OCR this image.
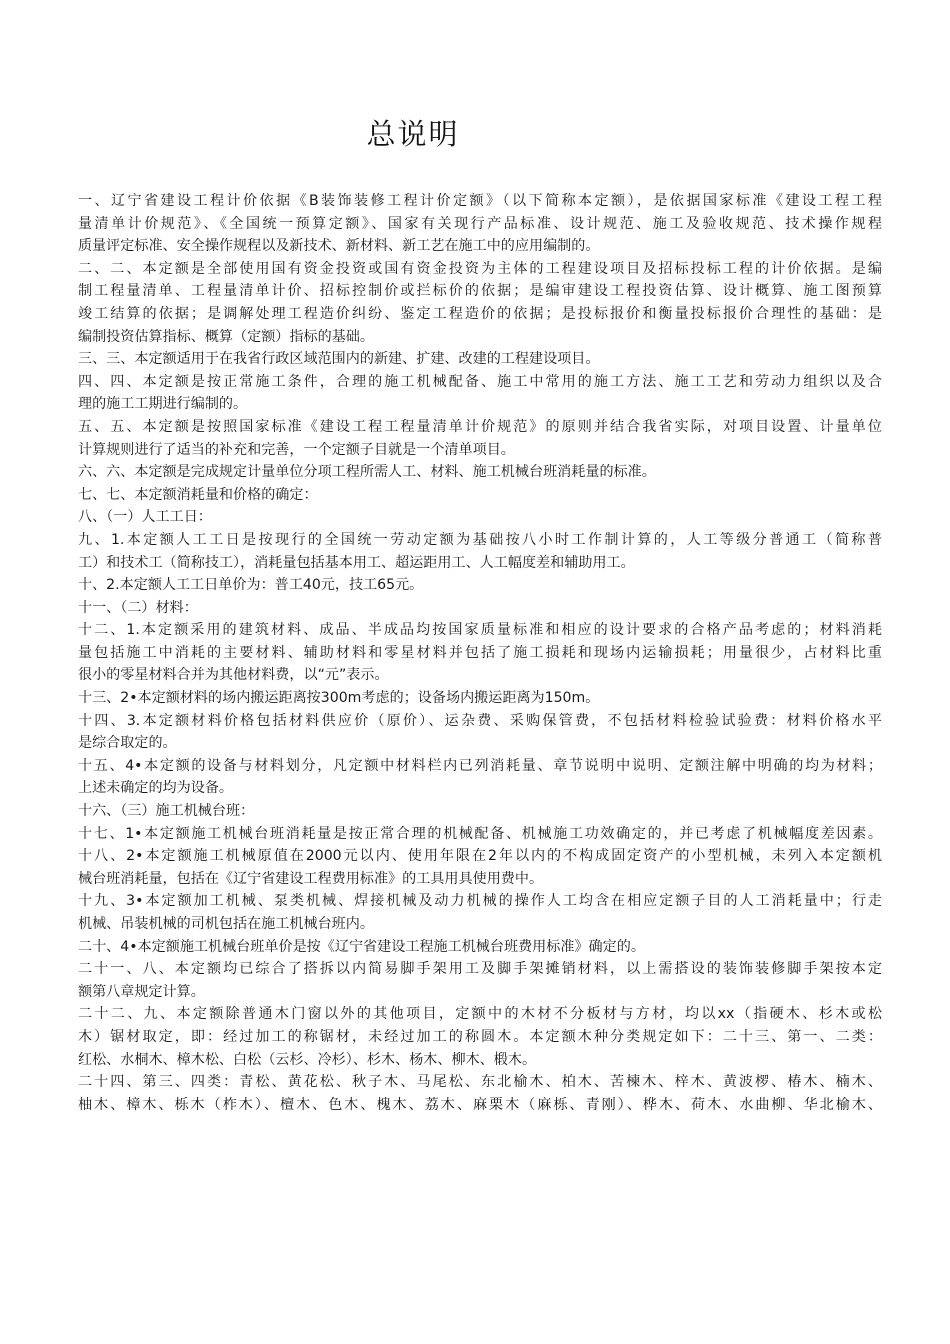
总说明
一、辽宁省建设工程计价依据《B装饰装修工程计价定额》（以下简称本定额），是依据国家标准《建设工程工程
量清单计价规范》、《全国统一预算定额》、国家有关现行产品标准、设计规范、施工及验收规范、技术操作规程
质量评定标准、安全操作规程以及新技术、新材料、新工艺在施工中的应用编制的。
二、二、本定额是全部使用国有资金投资或国有资金投资为主体的工程建设项目及招标投标工程的计价依据。是编
制工程量清单、工程量清单计价、招标控制价或拦标价的依据；是编审建设工程投资估算、设计概算、施工图预算
竣工结算的依据；是调解处理工程造价纠纷、鉴定工程造价的依据；是投标报价和衡量投标报价合理性的基础：是
编制投资估算指标、概算（定额）指标的基础。
三、三、本定额适用于在我省行政区域范围内的新建、扩建、改建的工程建设项目。
四、四、本定额是按正常施工条件，合理的施工机械配备、施工中常用的施工方法、施工工艺和劳动力组织以及合
理的施工工期进行编制的。
五、五、本定额是按照国家标准《建设工程工程量清单计价规范》的原则并结合我省实际，对项目设置、计量单位
计算规则进行了适当的补充和完善，一个定额子目就是一个清单项目。
六、六、本定额是完成规定计量单位分项工程所需人工、材料、施工机械台班消耗量的标准。
七、七、本定额消耗量和价格的确定：
八、（一）人工工日：
九、1.本定额人工工日是按现行的全国统一劳动定额为基础按八小时工作制计算的，人工等级分普通工（简称普
工）和技术工（简称技工），消耗量包括基本用工、超运距用工、人工幅度差和辅助用工。
十、2.本定额人工工日单价为：普工40元，技工65元。
十一、（二）材料：
十二、1.本定额采用的建筑材料、成品、半成品均按国家质量标准和相应的设计要求的合格产品考虑的；材料消耗
量包括施工中消耗的主要材料、辅助材料和零星材料并包括了施工损耗和现场内运输损耗；用量很少，占材料比重
很小的零星材料合并为其他材料费，以“元”表示。
十三、2•本定额材料的场内搬运距离按300m考虑的；设备场内搬运距离为150m。
十四、3.本定额材料价格包括材料供应价（原价）、运杂费、采购保管费，不包括材料检验试验费：材料价格水平
是综合取定的。
十五、4•本定额的设备与材料划分，凡定额中材料栏内已列消耗量、章节说明中说明、定额注解中明确的均为材料；
上述未确定的均为设备。
十六、（三）施工机械台班：
十七、1•本定额施工机械台班消耗量是按正常合理的机械配备、机械施工功效确定的，并已考虑了机械幅度差因素。
十八、2•本定额施工机械原值在2000元以内、使用年限在2年以内的不构成固定资产的小型机械，未列入本定额机
械台班消耗量，包括在《辽宁省建设工程费用标准》的工具用具使用费中。
十九、3•本定额加工机械、泵类机械、焊接机械及动力机械的操作人工均含在相应定额子目的人工消耗量中；行走
机械、吊装机械的司机包括在施工机械台班内。
二十、4•本定额施工机械台班单价是按《辽宁省建设工程施工机械台班费用标准》确定的。
二十一、八、本定额均已综合了搭拆以内简易脚手架用工及脚手架摊销材料，以上需搭设的装饰装修脚手架按本定
额第八章规定计算。
二十二、九、本定额除普通木门窗以外的其他项目，定额中的木材不分板材与方材，均以xx（指硬木、杉木或松
木）锯材取定，即：经过加工的称锯材，未经过加工的称圆木。本定额木种分类规定如下：二十三、第一、二类：
红松、水桐木、樟木松、白松（云杉、冷杉）、杉木、杨木、柳木、椴木。
二十四、第三、四类：青松、黄花松、秋子木、马尾松、东北榆木、柏木、苦楝木、梓木、黄波椤、椿木、楠木、
柚木、樟木、栎木（柞木）、檀木、色木、槐木、荔木、麻栗木（麻栎、青刚）、桦木、荷木、水曲柳、华北榆木、
